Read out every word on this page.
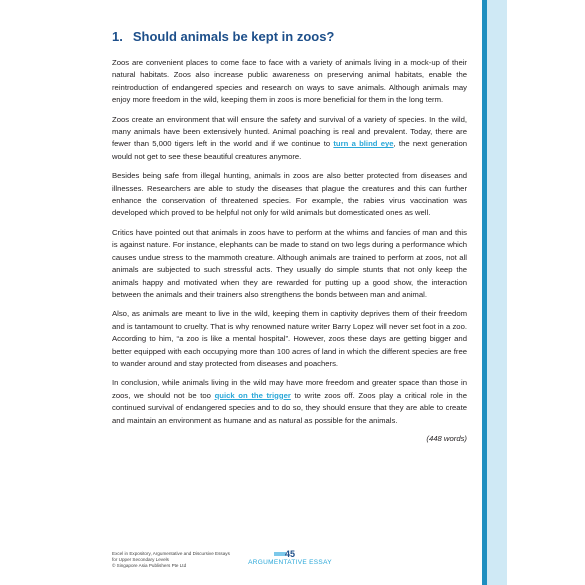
1. Should animals be kept in zoos?

Zoos are convenient places to come face to face with a variety of animals living in a mock-up of their natural habitats. Zoos also increase public awareness on preserving animal habitats, enable the reintroduction of endangered species and research on ways to save animals. Although animals may enjoy more freedom in the wild, keeping them in zoos is more beneficial for them in the long term.

Zoos create an environment that will ensure the safety and survival of a variety of species. In the wild, many animals have been extensively hunted. Animal poaching is real and prevalent. Today, there are fewer than 5,000 tigers left in the world and if we continue to turn a blind eye, the next generation would not get to see these beautiful creatures anymore.

Besides being safe from illegal hunting, animals in zoos are also better protected from diseases and illnesses. Researchers are able to study the diseases that plague the creatures and this can further enhance the conservation of threatened species. For example, the rabies virus vaccination was developed which proved to be helpful not only for wild animals but domesticated ones as well.

Critics have pointed out that animals in zoos have to perform at the whims and fancies of man and this is against nature. For instance, elephants can be made to stand on two legs during a performance which causes undue stress to the mammoth creature. Although animals are trained to perform at zoos, not all animals are subjected to such stressful acts. They usually do simple stunts that not only keep the animals happy and motivated when they are rewarded for putting up a good show, the interaction between the animals and their trainers also strengthens the bonds between man and animal.

Also, as animals are meant to live in the wild, keeping them in captivity deprives them of their freedom and is tantamount to cruelty. That is why renowned nature writer Barry Lopez will never set foot in a zoo. According to him, “a zoo is like a mental hospital”. However, zoos these days are getting bigger and better equipped with each occupying more than 100 acres of land in which the different species are free to wander around and stay protected from diseases and poachers.

In conclusion, while animals living in the wild may have more freedom and greater space than those in zoos, we should not be too quick on the trigger to write zoos off. Zoos play a critical role in the continued survival of endangered species and to do so, they should ensure that they are able to create and maintain an environment as humane and as natural as possible for the animals.

(448 words)
Excel in Expository, Argumentative and Discursive Essays
for Upper Secondary Levels
© Singapore Asia Publishers Pte Ltd
45
ARGUMENTATIVE ESSAY
